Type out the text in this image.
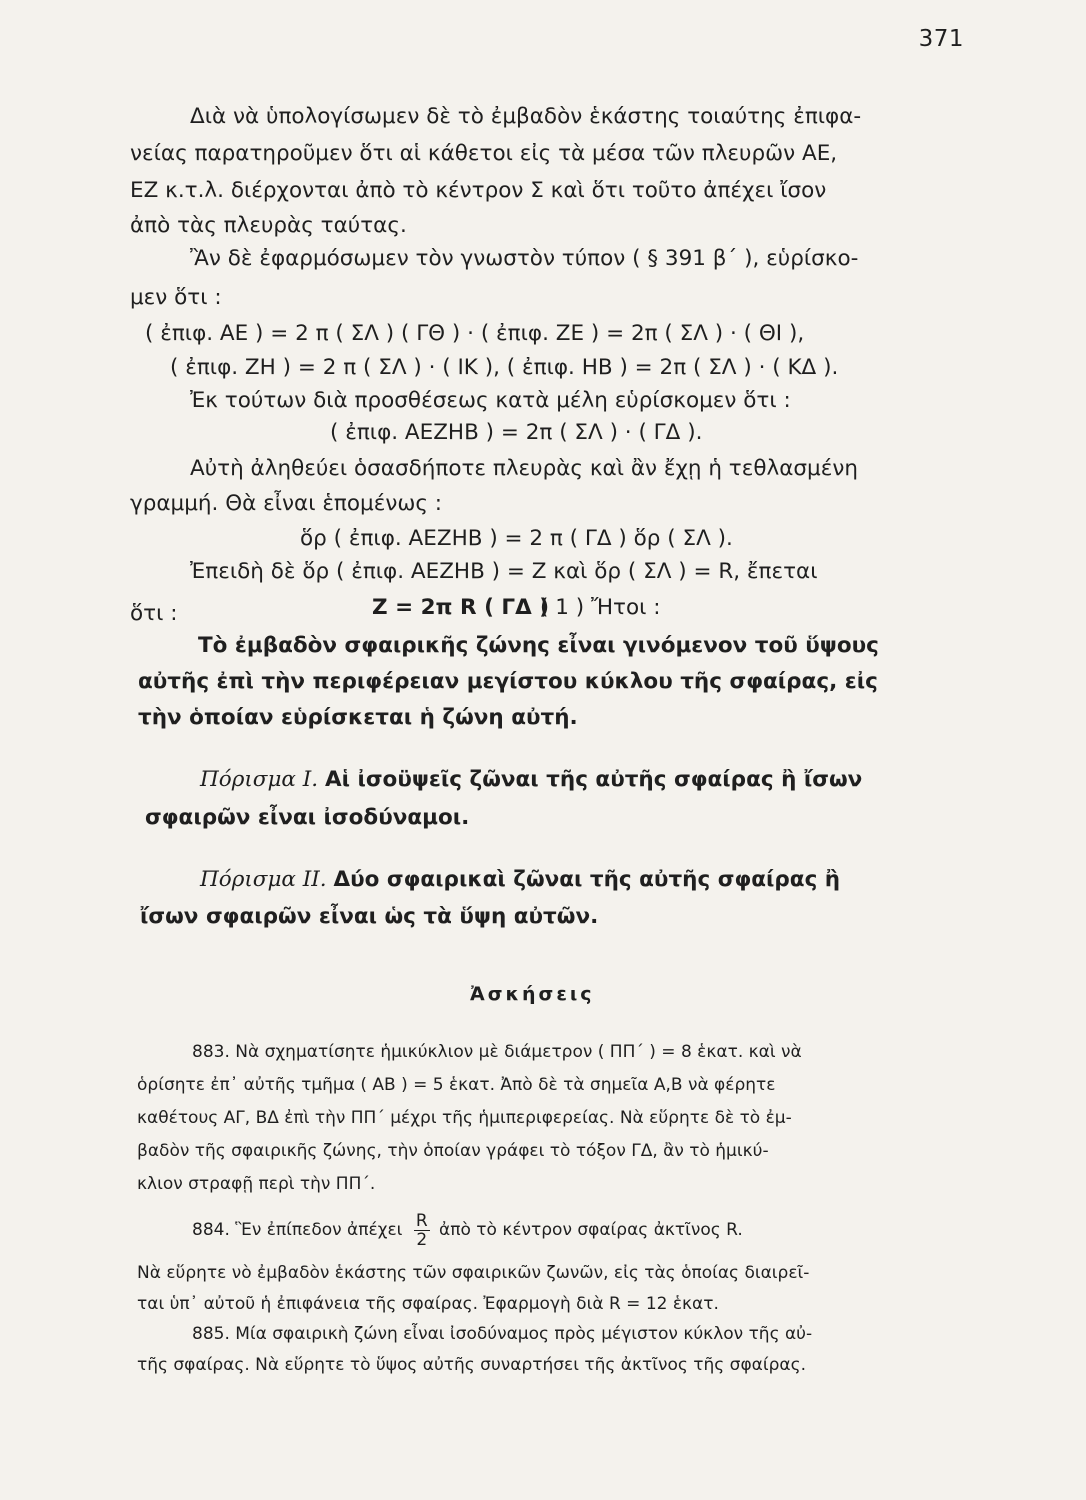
371
Διὰ νὰ ὑπολογίσωμεν δὲ τὸ ἐμβαδὸν ἑκάστης τοιαύτης ἐπιφα-
νείας παρατηροῦμεν ὅτι αἱ κάθετοι εἰς τὰ μέσα τῶν πλευρῶν ΑΕ,
ΕΖ κ.τ.λ. διέρχονται ἀπὸ τὸ κέντρον Σ καὶ ὅτι τοῦτο ἀπέχει ἴσον
ἀπὸ τὰς πλευρὰς ταύτας.
Ἂν δὲ ἐφαρμόσωμεν τὸν γνωστὸν τύπον ( § 391 β΄ ), εὑρίσκο-
μεν ὅτι :
( ἐπιφ. ΑΕ ) = 2 π ( ΣΛ ) ( ΓΘ ) · ( ἐπιφ. ΖΕ ) = 2π ( ΣΛ ) · ( ΘΙ ),
( ἐπιφ. ΖΗ ) = 2 π ( ΣΛ ) · ( ΙΚ ), ( ἐπιφ. ΗΒ ) = 2π ( ΣΛ ) · ( ΚΔ ).
Ἐκ τούτων διὰ προσθέσεως κατὰ μέλη εὑρίσκομεν ὅτι :
( ἐπιφ. ΑΕΖΗΒ ) = 2π ( ΣΛ ) · ( ΓΔ ).
Αὐτὴ ἀληθεύει ὁσασδήποτε πλευρὰς καὶ ἂν ἔχῃ ἡ τεθλασμένη
γραμμή. Θὰ εἶναι ἑπομένως :
ὅρ ( ἐπιφ. ΑΕΖΗΒ ) = 2 π ( ΓΔ ) ὅρ ( ΣΛ ).
Ἐπειδὴ δὲ ὅρ ( ἐπιφ. ΑΕΖΗΒ ) = Ζ καὶ ὅρ ( ΣΛ ) = R, ἔπεται
ὅτι :	Ζ = 2π R ( ΓΔ )
( 1 ) Ἤτοι :
Τὸ ἐμβαδὸν σφαιρικῆς ζώνης εἶναι γινόμενον τοῦ ὕψους
αὐτῆς ἐπὶ τὴν περιφέρειαν μεγίστου κύκλου τῆς σφαίρας, εἰς
τὴν ὁποίαν εὑρίσκεται ἡ ζώνη αὐτή.
Πόρισμα Ι. Αἱ ἰσοϋψεῖς ζῶναι τῆς αὐτῆς σφαίρας ἢ ἴσων
σφαιρῶν εἶναι ἰσοδύναμοι.
Πόρισμα ΙΙ. Δύο σφαιρικαὶ ζῶναι τῆς αὐτῆς σφαίρας ἢ
ἴσων σφαιρῶν εἶναι ὡς τὰ ὕψη αὐτῶν.
Ἀσκήσεις
883. Νὰ σχηματίσητε ἡμικύκλιον μὲ διάμετρον ( ΠΠ΄ ) = 8 ἑκατ. καὶ νὰ
ὁρίσητε ἐπ᾽ αὐτῆς τμῆμα ( ΑΒ ) = 5 ἑκατ. Ἀπὸ δὲ τὰ σημεῖα Α,Β νὰ φέρητε
καθέτους ΑΓ, ΒΔ ἐπὶ τὴν ΠΠ΄ μέχρι τῆς ἡμιπεριφερείας. Νὰ εὕρητε δὲ τὸ ἐμ-
βαδὸν τῆς σφαιρικῆς ζώνης, τὴν ὁποίαν γράφει τὸ τόξον ΓΔ, ἂν τὸ ἡμικύ-
κλιον στραφῇ περὶ τὴν ΠΠ΄.
884. Ἓν ἐπίπεδον ἀπέχει $\frac{R}{2}$ ἀπὸ τὸ κέντρον σφαίρας ἀκτῖνος R.
Νὰ εὕρητε νὸ ἐμβαδὸν ἑκάστης τῶν σφαιρικῶν ζωνῶν, εἰς τὰς ὁποίας διαιρεῖ-
ται ὑπ᾽ αὐτοῦ ἡ ἐπιφάνεια τῆς σφαίρας. Ἐφαρμογὴ διὰ R = 12 ἑκατ.
885. Μία σφαιρικὴ ζώνη εἶναι ἰσοδύναμος πρὸς μέγιστον κύκλον τῆς αὐ-
τῆς σφαίρας. Νὰ εὕρητε τὸ ὕψος αὐτῆς συναρτήσει τῆς ἀκτῖνος τῆς σφαίρας.
